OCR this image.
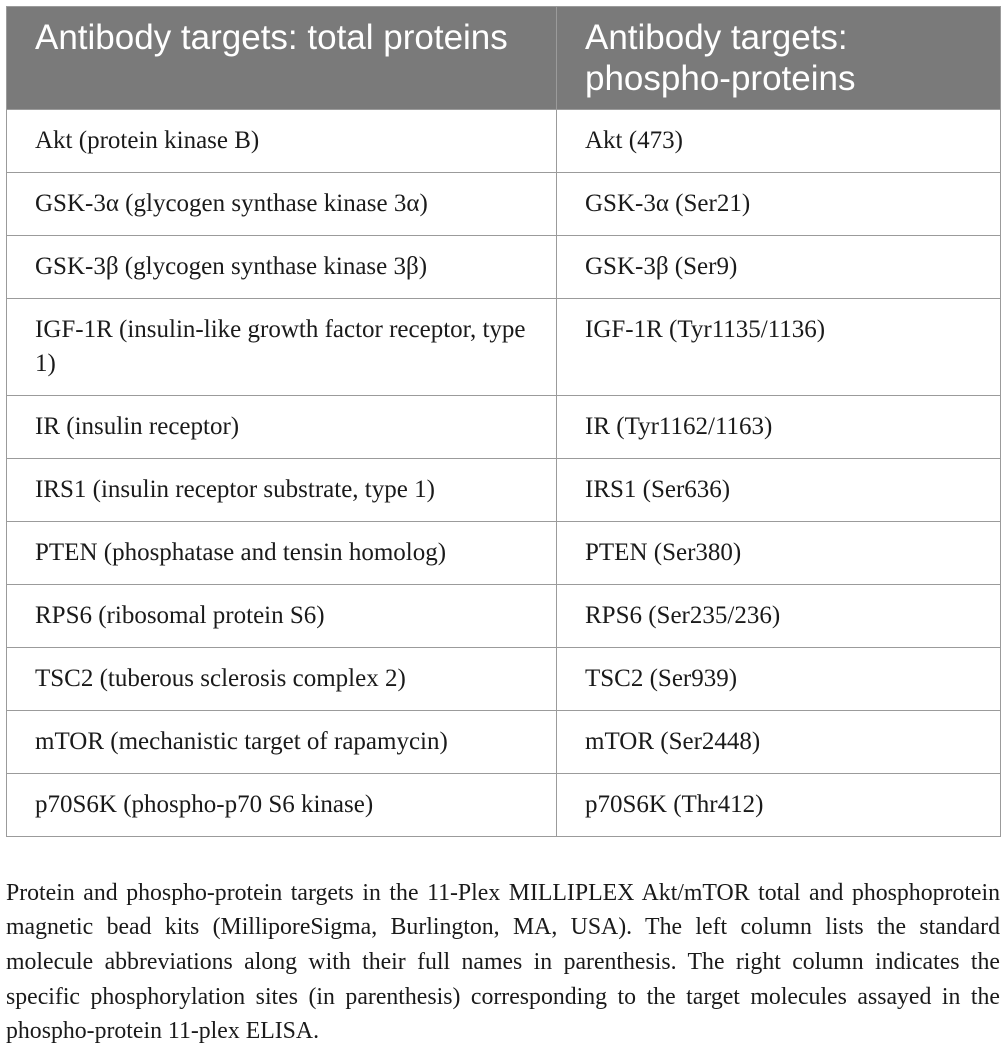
Antibody targets: total proteins	Antibody targets: phospho-proteins
Akt (protein kinase B)	Akt (473)
GSK-3α (glycogen synthase kinase 3α)	GSK-3α (Ser21)
GSK-3β (glycogen synthase kinase 3β)	GSK-3β (Ser9)
IGF-1R (insulin-like growth factor receptor, type 1)	IGF-1R (Tyr1135/1136)
IR (insulin receptor)	IR (Tyr1162/1163)
IRS1 (insulin receptor substrate, type 1)	IRS1 (Ser636)
PTEN (phosphatase and tensin homolog)	PTEN (Ser380)
RPS6 (ribosomal protein S6)	RPS6 (Ser235/236)
TSC2 (tuberous sclerosis complex 2)	TSC2 (Ser939)
mTOR (mechanistic target of rapamycin)	mTOR (Ser2448)
p70S6K (phospho-p70 S6 kinase)	p70S6K (Thr412)

Protein and phospho-protein targets in the 11-Plex MILLIPLEX Akt/mTOR total and phosphoprotein magnetic bead kits (MilliporeSigma, Burlington, MA, USA). The left column lists the standard molecule abbreviations along with their full names in parenthesis. The right column indicates the specific phosphorylation sites (in parenthesis) corresponding to the target molecules assayed in the phospho-protein 11-plex ELISA.
